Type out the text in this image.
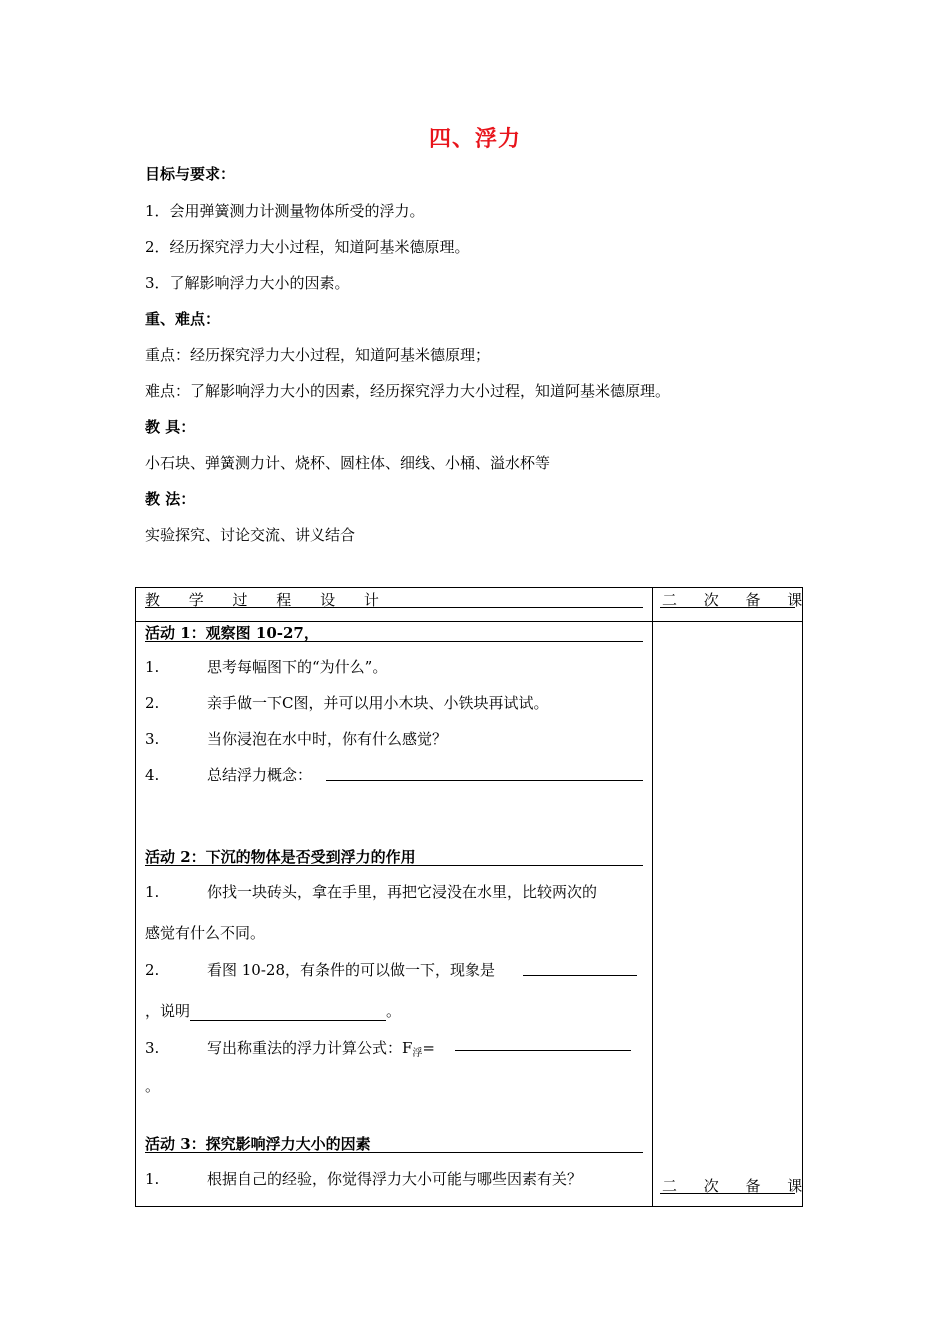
四、浮力
目标与要求：
1．会用弹簧测力计测量物体所受的浮力。
2．经历探究浮力大小过程，知道阿基米德原理。
3．了解影响浮力大小的因素。
重、难点：
重点：经历探究浮力大小过程，知道阿基米德原理；
难点：了解影响浮力大小的因素，经历探究浮力大小过程，知道阿基米德原理。
教 具：
小石块、弹簧测力计、烧杯、圆柱体、细线、小桶、溢水杯等
教 法：
实验探究、讨论交流、讲义结合
教 学 过 程 设 计	二 次 备 课
活动 1：观察图 10-27，
1.	思考每幅图下的“为什么”。
2.	亲手做一下C图，并可以用小木块、小铁块再试试。
3.	当你浸泡在水中时，你有什么感觉？
4.	总结浮力概念：
活动 2：下沉的物体是否受到浮力的作用
1.	你找一块砖头，拿在手里，再把它浸没在水里，比较两次的
感觉有什么不同。
2.	看图 10-28，有条件的可以做一下，现象是
，说明	。
3.	写出称重法的浮力计算公式：$F_浮=$
。
活动 3：探究影响浮力大小的因素
1.	根据自己的经验，你觉得浮力大小可能与哪些因素有关？	二 次 备 课
